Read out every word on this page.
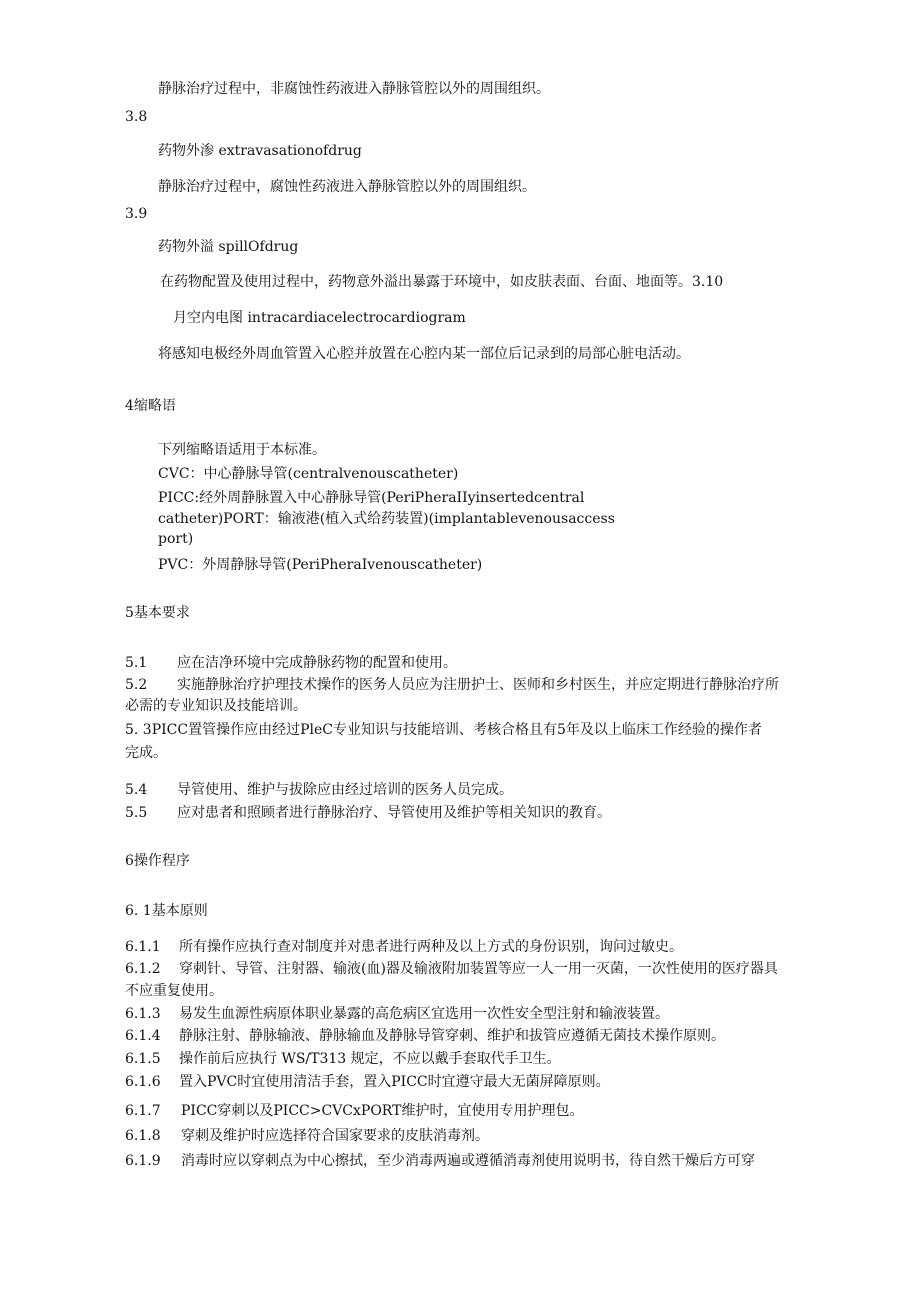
静脉治疗过程中，非腐蚀性药液进入静脉管腔以外的周围组织。
3.8
药物外渗 extravasationofdrug
静脉治疗过程中，腐蚀性药液进入静脉管腔以外的周围组织。
3.9
药物外溢 spillOfdrug
在药物配置及使用过程中，药物意外溢出暴露于环境中，如皮肤表面、台面、地面等。3.10
月空内电图 intracardiacelectrocardiogram
将感知电极经外周血管置入心腔并放置在心腔内某一部位后记录到的局部心脏电活动。
4缩略语
下列缩略语适用于本标准。
CVC：中心静脉导管(centralvenouscatheter)
PICC:经外周静脉置入中心静脉导管(PeriPheraIIyinsertedcentral
catheter)PORT：输液港(植入式给药装置)(implantablevenousaccess
port)
PVC：外周静脉导管(PeriPheraIvenouscatheter)
5基本要求
5.1 应在洁净环境中完成静脉药物的配置和使用。
5.2 实施静脉治疗护理技术操作的医务人员应为注册护士、医师和乡村医生，并应定期进行静脉治疗所
必需的专业知识及技能培训。
5. 3PICC置管操作应由经过PleC专业知识与技能培训、考核合格且有5年及以上临床工作经验的操作者
完成。
5.4 导管使用、维护与拔除应由经过培训的医务人员完成。
5.5 应对患者和照顾者进行静脉治疗、导管使用及维护等相关知识的教育。
6操作程序
6. 1基本原则
6.1.1 所有操作应执行查对制度并对患者进行两种及以上方式的身份识别，询问过敏史。
6.1.2 穿刺针、导管、注射器、输液(血)器及输液附加装置等应一人一用一灭菌，一次性使用的医疗器具
不应重复使用。
6.1.3 易发生血源性病原体职业暴露的高危病区宜选用一次性安全型注射和输液装置。
6.1.4 静脉注射、静脉输液、静脉输血及静脉导管穿刺、维护和拔管应遵循无菌技术操作原则。
6.1.5 操作前后应执行 WS/T313 规定，不应以戴手套取代手卫生。
6.1.6 置入PVC时宜使用清洁手套，置入PICC时宜遵守最大无菌屏障原则。
6.1.7 PICC穿刺以及PICC>CVCxPORT维护时，宜使用专用护理包。
6.1.8 穿刺及维护时应选择符合国家要求的皮肤消毒剂。
6.1.9 消毒时应以穿刺点为中心擦拭，至少消毒两遍或遵循消毒剂使用说明书，待自然干燥后方可穿
